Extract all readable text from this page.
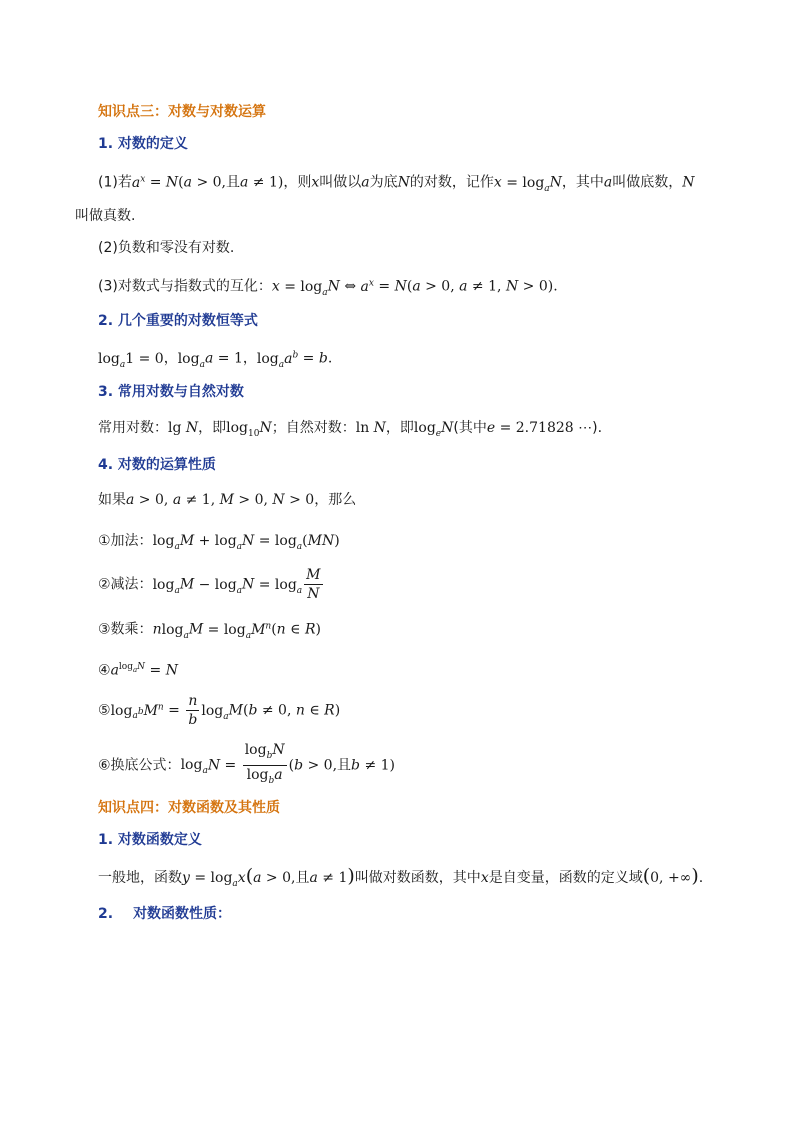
知识点三：对数与对数运算
1. 对数的定义
(1)若$a^x = N(a > 0$,且a ≠ 1)，则x叫做以a为底N的对数，记作$x = \log_aN$，其中a叫做底数，N
叫做真数.
(2)负数和零没有对数.
(3)对数式与指数式的互化：$x = \log_aN$ ⇔ $a^x = N(a > 0$, a ≠ 1, N > 0).
2. 几个重要的对数恒等式
$\log_a1 = 0$，$\log_aa = 1$，$\log_aa^b = b$.
3. 常用对数与自然对数
常用对数：lg N，即$\log_{10}N$；自然对数：ln N，即$\log_eN$(其中e = 2.71828 ⋯).
4. 对数的运算性质
如果a > 0, a ≠ 1, M > 0, N > 0，那么
①加法：$\log_aM + \log_aN = \log_a(MN)$
②减法：$\log_aM - \log_aN = \log_a \frac{M}{N}$
③数乘：$nlog_aM = \log_aM^n(n$ ∈ R)
$④a^{log_aN} = N$
$⑤\log_{a^b}M^n = \frac{n}{b} \log_aM(b \ne 0$, n ∈ R)
⑥换底公式：$\log_aN = \frac{\log_bN}{\log_ba} (b > 0$,且b ≠ 1)
知识点四：对数函数及其性质
1. 对数函数定义
一般地，函数$y = \log_ax(a > 0$,且a ≠ 1)叫做对数函数，其中x是自变量，函数的定义域(0, +∞).
2. 对数函数性质：
